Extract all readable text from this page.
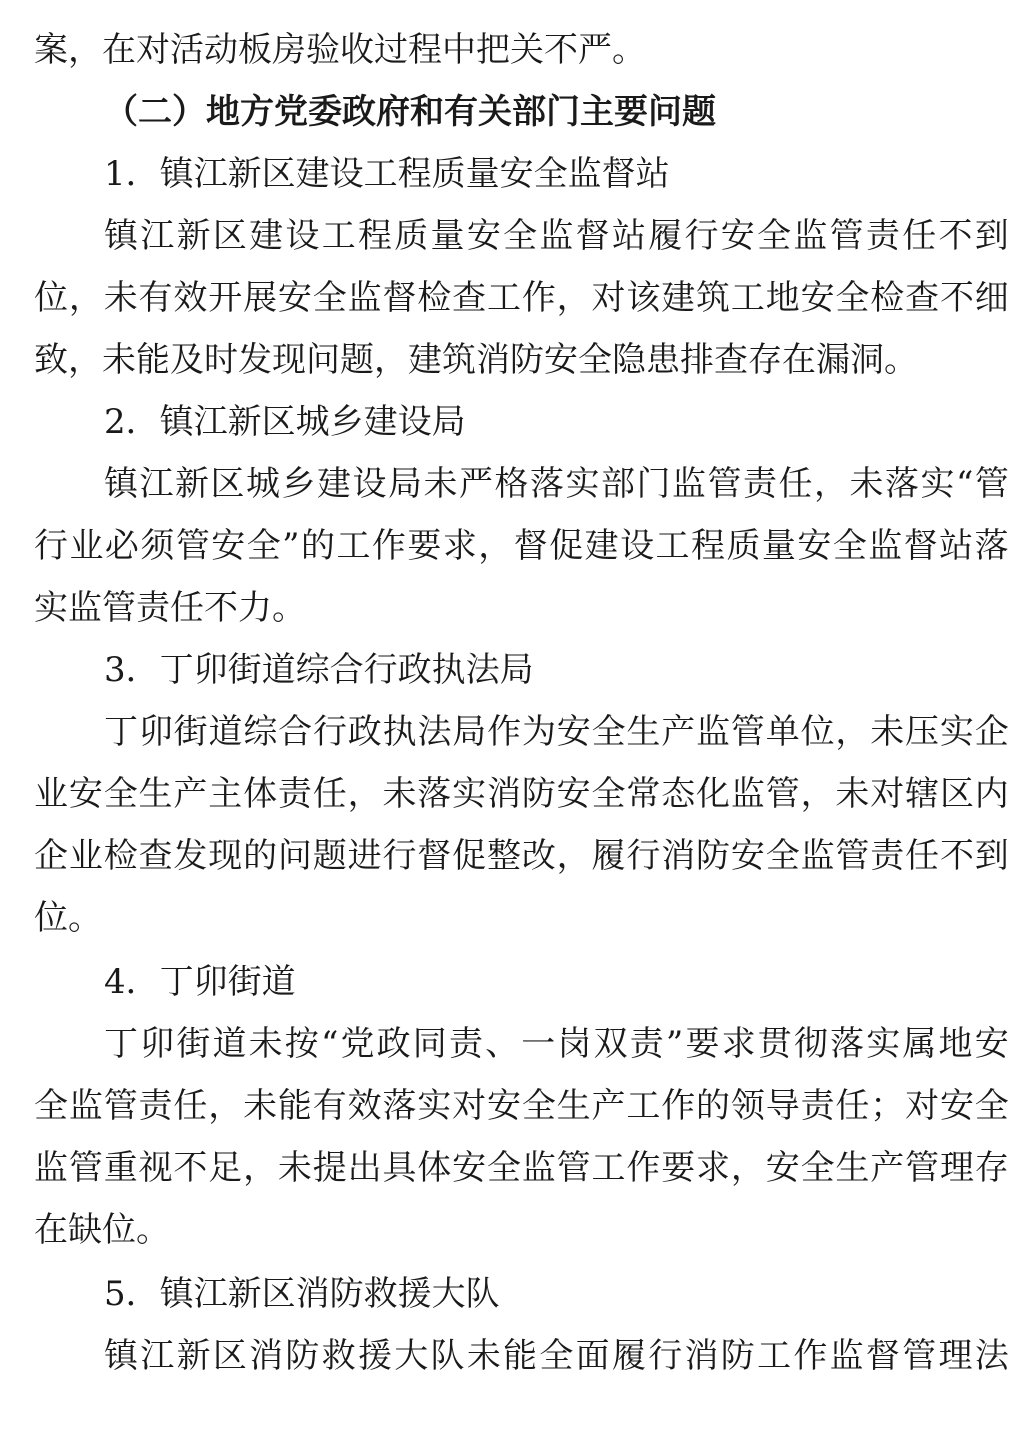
案，在对活动板房验收过程中把关不严。
（二）地方党委政府和有关部门主要问题
1．镇江新区建设工程质量安全监督站
镇 江 新 区 建 设 工 程 质 量 安 全 监 督 站 履 行 安 全 监 管 责 任 不 到
位 ， 未 有 效 开 展 安 全 监 督 检 查 工 作 ， 对 该 建 筑 工 地 安 全 检 查 不 细
致，未能及时发现问题，建筑消防安全隐患排查存在漏洞。
2．镇江新区城乡建设局
镇 江 新 区 城 乡 建 设 局 未 严 格 落 实 部 门 监 管 责 任 ， 未 落 实 “ 管
行 业 必 须 管 安 全 ” 的 工 作 要 求 ， 督 促 建 设 工 程 质 量 安 全 监 督 站 落
实监管责任不力。
3．丁卯街道综合行政执法局
丁 卯 街 道 综 合 行 政 执 法 局 作 为 安 全 生 产 监 管 单 位 ， 未 压 实 企
业 安 全 生 产 主 体 责 任 ， 未 落 实 消 防 安 全 常 态 化 监 管 ， 未 对 辖 区 内
企 业 检 查 发 现 的 问 题 进 行 督 促 整 改 ， 履 行 消 防 安 全 监 管 责 任 不 到
位。
4．丁卯街道
丁 卯 街 道 未 按 “ 党 政 同 责 、 一 岗 双 责 ” 要 求 贯 彻 落 实 属 地 安
全 监 管 责 任 ， 未 能 有 效 落 实 对 安 全 生 产 工 作 的 领 导 责 任 ； 对 安 全
监 管 重 视 不 足 ， 未 提 出 具 体 安 全 监 管 工 作 要 求 ， 安 全 生 产 管 理 存
在缺位。
5．镇江新区消防救援大队
镇 江 新 区 消 防 救 援 大 队 未 能 全 面 履 行 消 防 工 作 监 督 管 理 法
